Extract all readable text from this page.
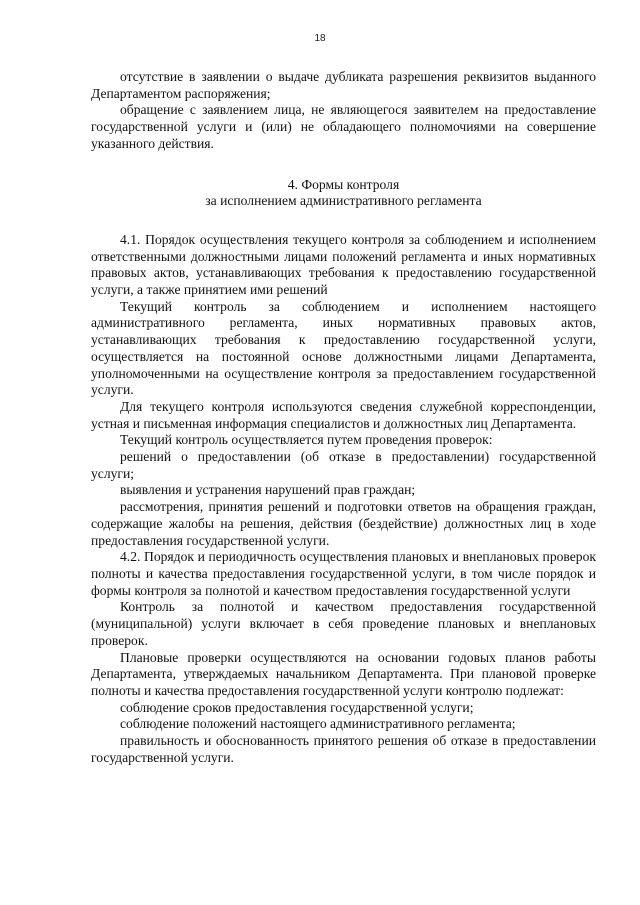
18

отсутствие в заявлении о выдаче дубликата разрешения реквизитов выданного Департаментом распоряжения;

обращение с заявлением лица, не являющегося заявителем на предоставление государственной услуги и (или) не обладающего полномочиями на совершение указанного действия.

4. Формы контроля

за исполнением административного регламента

4.1. Порядок осуществления текущего контроля за соблюдением и исполнением ответственными должностными лицами положений регламента и иных нормативных правовых актов, устанавливающих требования к предоставлению государственной услуги, а также принятием ими решений

Текущий контроль за соблюдением и исполнением настоящего административного регламента, иных нормативных правовых актов, устанавливающих требования к предоставлению государственной услуги, осуществляется на постоянной основе должностными лицами Департамента, уполномоченными на осуществление контроля за предоставлением государственной услуги.

Для текущего контроля используются сведения служебной корреспонденции, устная и письменная информация специалистов и должностных лиц Департамента.

Текущий контроль осуществляется путем проведения проверок:

решений о предоставлении (об отказе в предоставлении) государственной услуги;

выявления и устранения нарушений прав граждан;

рассмотрения, принятия решений и подготовки ответов на обращения граждан, содержащие жалобы на решения, действия (бездействие) должностных лиц в ходе предоставления государственной услуги.

4.2. Порядок и периодичность осуществления плановых и внеплановых проверок полноты и качества предоставления государственной услуги, в том числе порядок и формы контроля за полнотой и качеством предоставления государственной услуги

Контроль за полнотой и качеством предоставления государственной (муниципальной) услуги включает в себя проведение плановых и внеплановых проверок.

Плановые проверки осуществляются на основании годовых планов работы Департамента, утверждаемых начальником Департамента. При плановой проверке полноты и качества предоставления государственной услуги контролю подлежат:

соблюдение сроков предоставления государственной услуги;

соблюдение положений настоящего административного регламента;

правильность и обоснованность принятого решения об отказе в предоставлении государственной услуги.
